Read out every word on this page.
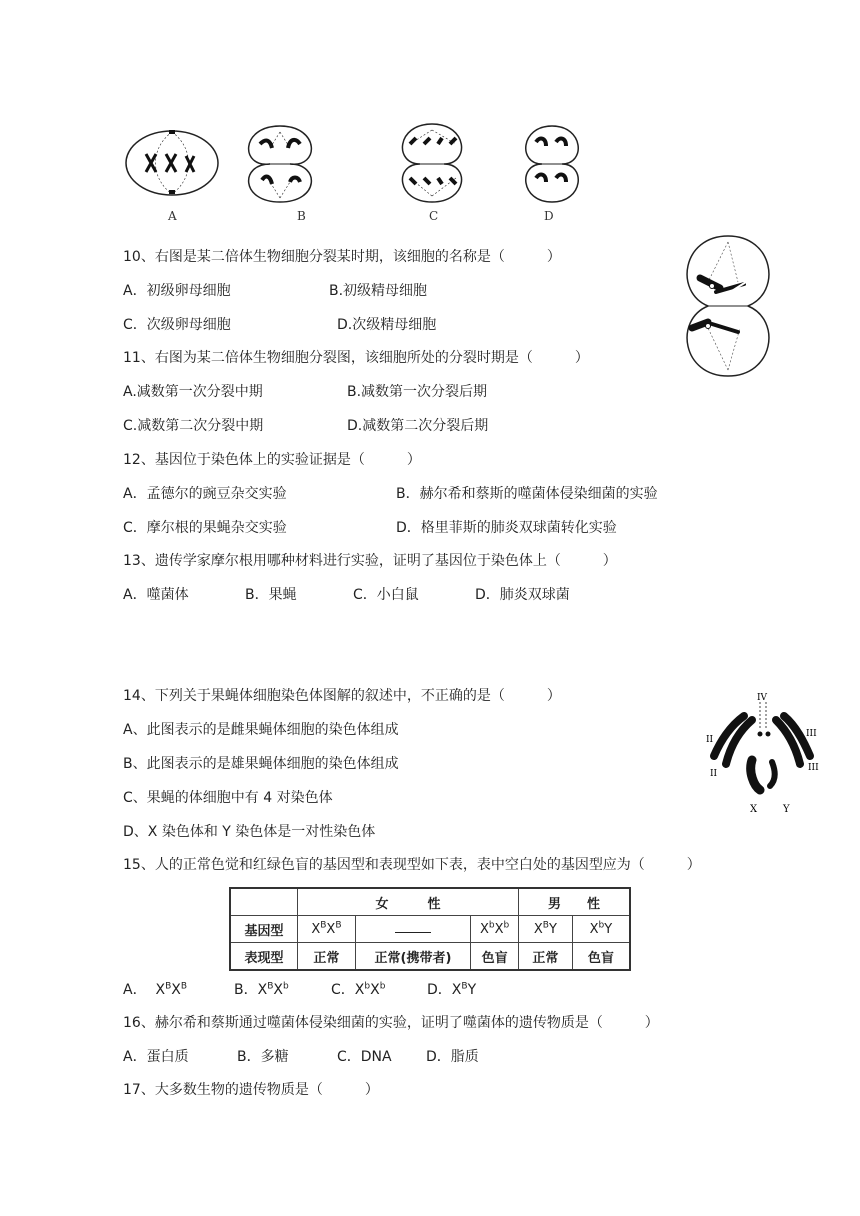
A	B	C	D
10、右图是某二倍体生物细胞分裂某时期，该细胞的名称是（　　　）
A．初级卵母细胞	B.初级精母细胞
C．次级卵母细胞	D.次级精母细胞
11、右图为某二倍体生物细胞分裂图，该细胞所处的分裂时期是（　　　）
A.减数第一次分裂中期	B.减数第一次分裂后期
C.减数第二次分裂中期	D.减数第二次分裂后期
12、基因位于染色体上的实验证据是（　　　）
A．孟德尔的豌豆杂交实验	B．赫尔希和蔡斯的噬菌体侵染细菌的实验
C．摩尔根的果蝇杂交实验	D．格里菲斯的肺炎双球菌转化实验
13、遗传学家摩尔根用哪种材料进行实验，证明了基因位于染色体上（　　　）
A．噬菌体	B．果蝇	C．小白鼠	D．肺炎双球菌
14、下列关于果蝇体细胞染色体图解的叙述中，不正确的是（　　　）
A、此图表示的是雌果蝇体细胞的染色体组成
B、此图表示的是雄果蝇体细胞的染色体组成
C、果蝇的体细胞中有 4 对染色体
D、X 染色体和 Y 染色体是一对性染色体
IV
II
III
II
III
X	Y
15、人的正常色觉和红绿色盲的基因型和表现型如下表，表中空白处的基因型应为（　　　）
	女　　　性			男　　性	
基因型	$X^BX^B$		$X^bX^b$	$X^BY$	$X^bY$
表现型	正常	正常(携带者)	色盲	正常	色盲
A．  $X^BX^B$	B．$X^BX^b$	C．$X^bX^b$	D．$X^BY$
16、赫尔希和蔡斯通过噬菌体侵染细菌的实验，证明了噬菌体的遗传物质是（　　　）
A．蛋白质	B．多糖	C．DNA D．脂质
17、大多数生物的遗传物质是（　　　）
